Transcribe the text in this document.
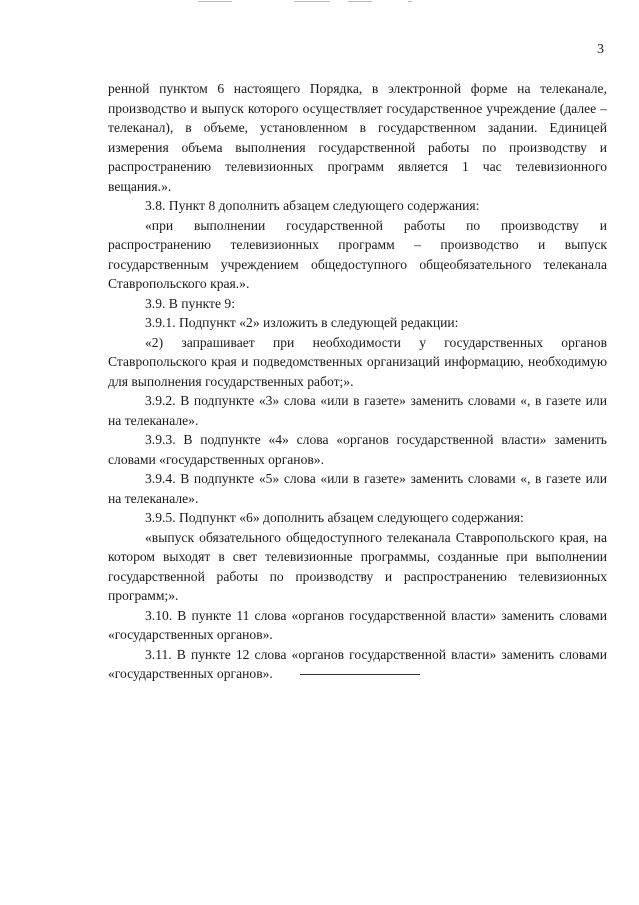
3

ренной пунктом 6 настоящего Порядка, в электронной форме на телеканале, производство и выпуск которого осуществляет государственное учреждение (далее – телеканал), в объеме, установленном в государственном задании. Единицей измерения объема выполнения государственной работы по производству и распространению телевизионных программ является 1 час телевизионного вещания.».

3.8. Пункт 8 дополнить абзацем следующего содержания:

«при выполнении государственной работы по производству и распространению телевизионных программ – производство и выпуск государственным учреждением общедоступного общеобязательного телеканала Ставропольского края.».

3.9. В пункте 9:

3.9.1. Подпункт «2» изложить в следующей редакции:

«2) запрашивает при необходимости у государственных органов Ставропольского края и подведомственных организаций информацию, необходимую для выполнения государственных работ;».

3.9.2. В подпункте «3» слова «или в газете» заменить словами «, в газете или на телеканале».

3.9.3. В подпункте «4» слова «органов государственной власти» заменить словами «государственных органов».

3.9.4. В подпункте «5» слова «или в газете» заменить словами «, в газете или на телеканале».

3.9.5. Подпункт «6» дополнить абзацем следующего содержания:

«выпуск обязательного общедоступного телеканала Ставропольского края, на котором выходят в свет телевизионные программы, созданные при выполнении государственной работы по производству и распространению телевизионных программ;».

3.10. В пункте 11 слова «органов государственной власти» заменить словами «государственных органов».

3.11. В пункте 12 слова «органов государственной власти» заменить словами «государственных органов».
